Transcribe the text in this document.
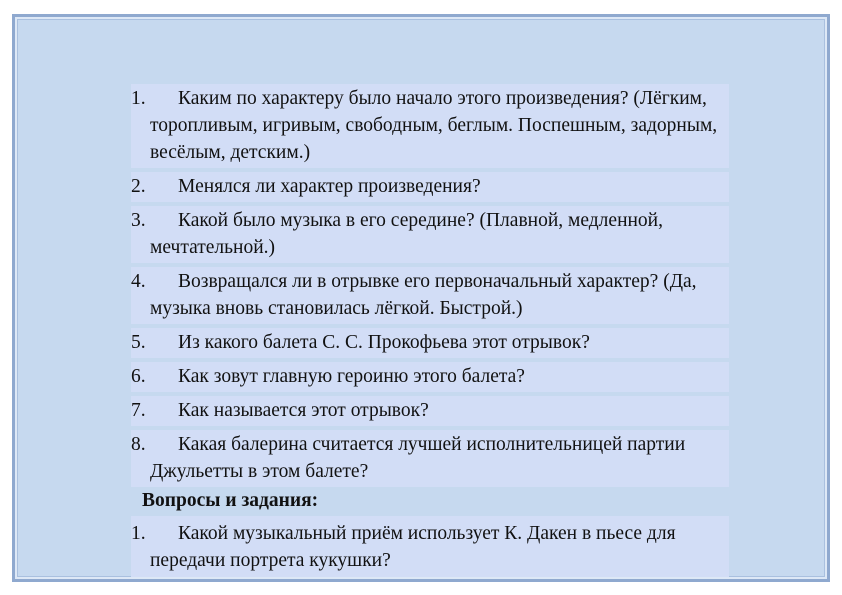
1. Каким по характеру было начало этого произведения? (Лёгким, торопливым, игривым, свободным, беглым. Поспешным, задорным, весёлым, детским.)
2. Менялся ли характер произведения?
3. Какой было музыка в его середине? (Плавной, медленной, мечтательной.)
4. Возвращался ли в отрывке его первоначальный характер? (Да, музыка вновь становилась лёгкой. Быстрой.)
5. Из какого балета С. С. Прокофьева этот отрывок?
6. Как зовут главную героиню этого балета?
7. Как называется этот отрывок?
8. Какая балерина считается лучшей исполнительницей партии Джульетты в этом балете?
Вопросы и задания:
1. Какой музыкальный приём использует К. Дакен в пьесе для передачи портрета кукушки?
